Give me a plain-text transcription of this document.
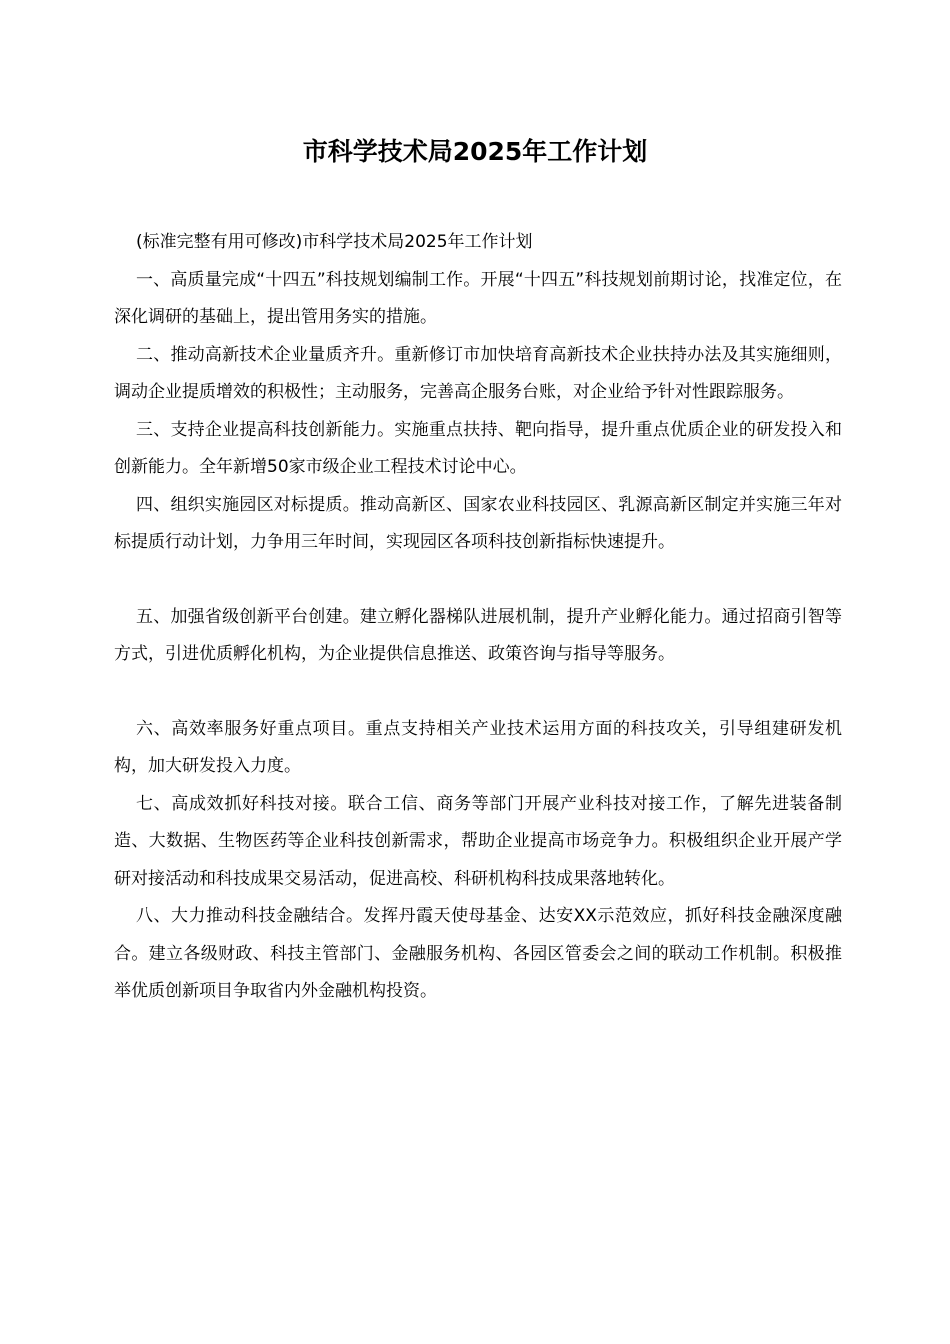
市科学技术局2025年工作计划

(标准完整有用可修改)市科学技术局2025年工作计划

一、高质量完成“十四五”科技规划编制工作。开展“十四五”科技规划前期讨论，找准定位，在深化调研的基础上，提出管用务实的措施。

二、推动高新技术企业量质齐升。重新修订市加快培育高新技术企业扶持办法及其实施细则，调动企业提质增效的积极性；主动服务，完善高企服务台账，对企业给予针对性跟踪服务。

三、支持企业提高科技创新能力。实施重点扶持、靶向指导，提升重点优质企业的研发投入和创新能力。全年新增50家市级企业工程技术讨论中心。

四、组织实施园区对标提质。推动高新区、国家农业科技园区、乳源高新区制定并实施三年对标提质行动计划，力争用三年时间，实现园区各项科技创新指标快速提升。

五、加强省级创新平台创建。建立孵化器梯队进展机制，提升产业孵化能力。通过招商引智等方式，引进优质孵化机构，为企业提供信息推送、政策咨询与指导等服务。

六、高效率服务好重点项目。重点支持相关产业技术运用方面的科技攻关，引导组建研发机构，加大研发投入力度。

七、高成效抓好科技对接。联合工信、商务等部门开展产业科技对接工作，了解先进装备制造、大数据、生物医药等企业科技创新需求，帮助企业提高市场竞争力。积极组织企业开展产学研对接活动和科技成果交易活动，促进高校、科研机构科技成果落地转化。

八、大力推动科技金融结合。发挥丹霞天使母基金、达安XX示范效应，抓好科技金融深度融合。建立各级财政、科技主管部门、金融服务机构、各园区管委会之间的联动工作机制。积极推举优质创新项目争取省内外金融机构投资。
